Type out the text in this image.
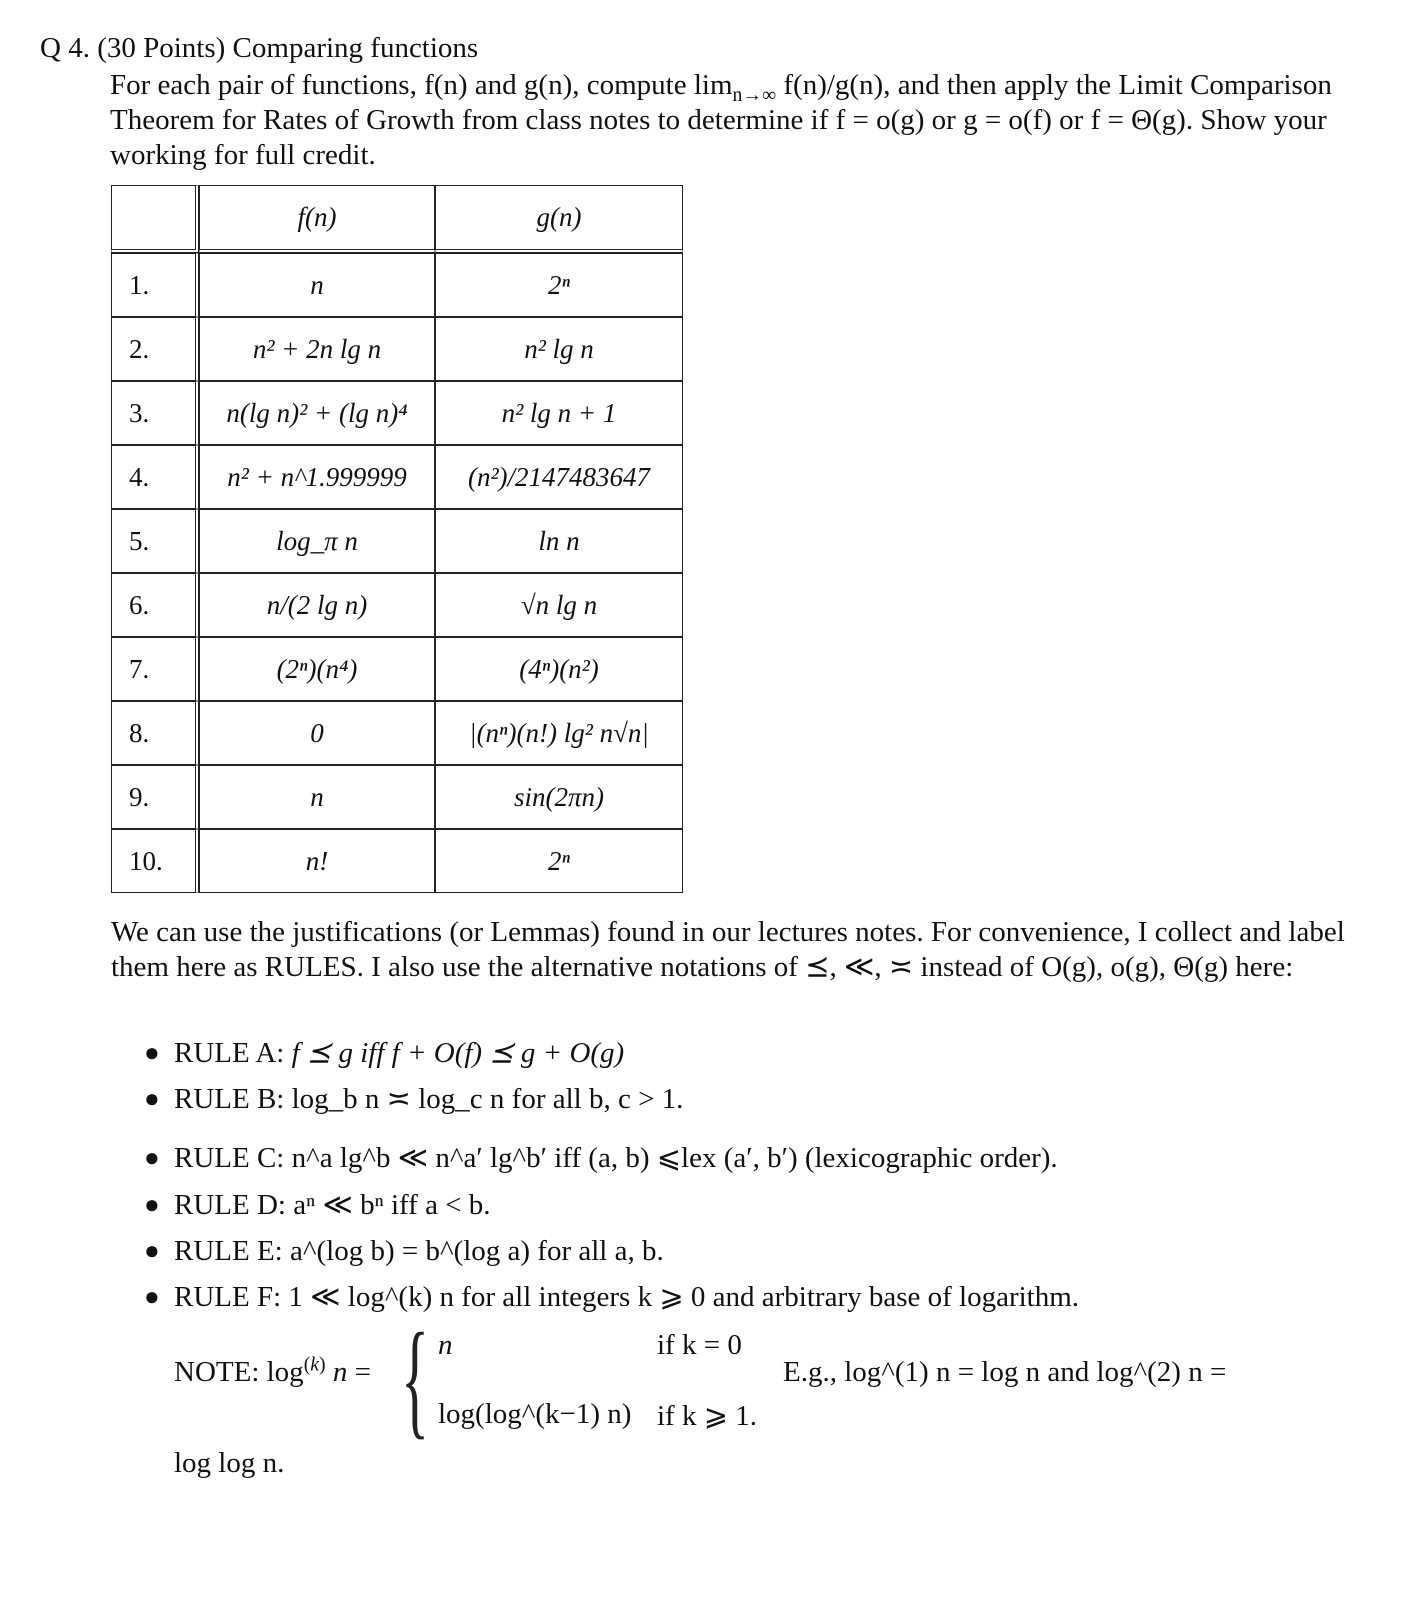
Q 4. (30 Points) Comparing functions
For each pair of functions, f(n) and g(n), compute $\lim_{n\to\infty} f(n)/g(n)$, and then apply the Limit Comparison Theorem for Rates of Growth from class notes to determine if f = o(g) or g = o(f) or f = Θ(g). Show your working for full credit.
	f(n)	g(n)
1.	n	2ⁿ
2.	n² + 2n lg n	n² lg n
3.	n(lg n)² + (lg n)⁴	n² lg n + 1
4.	n² + n^1.999999	(n²)/2147483647
5.	log_π n	ln n
6.	n/(2 lg n)	√n lg n
7.	(2ⁿ)(n⁴)	(4ⁿ)(n²)
8.	0	|(nⁿ)(n!) lg² n√n|
9.	n	sin(2πn)
10.	n!	2ⁿ
We can use the justifications (or Lemmas) found in our lectures notes. For convenience, I collect and label them here as RULES. I also use the alternative notations of ⪯, ≪, ≍ instead of O(g), o(g), Θ(g) here:
● RULE A: f ⪯ g iff f + O(f) ⪯ g + O(g)
● RULE B: log_b n ≍ log_c n for all b, c > 1.
● RULE C: n^a lg^b ≪ n^a′ lg^b′ iff (a, b) ⩽lex (a′, b′) (lexicographic order).
● RULE D: aⁿ ≪ bⁿ iff a < b.
● RULE E: a^(log b) = b^(log a) for all a, b.
● RULE F: 1 ≪ log^(k) n for all integers k ⩾ 0 and arbitrary base of logarithm.
NOTE: $\log^{(k)} n$ = { n	if k = 0
log(log^(k−1) n) if k ⩾ 1.
E.g., log^(1) n = log n and log^(2) n =
log log n.
